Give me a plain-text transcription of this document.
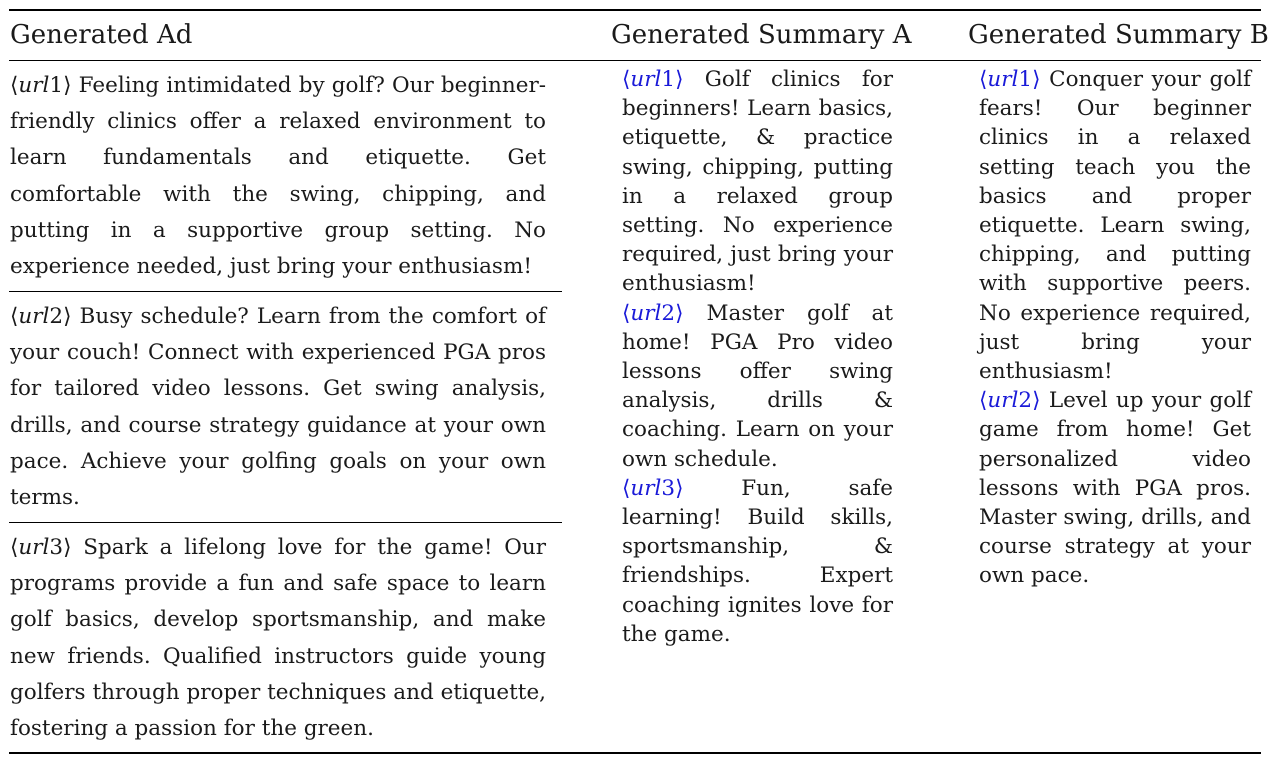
Generated Ad	Generated Summary A Generated Summary B
⟨url1⟩ Feeling intimidated by golf? Our beginner-friendly clinics offer a relaxed environment to learn fundamentals and etiquette. Get comfortable with the swing, chipping, and putting in a supportive group setting. No experience needed, just bring your enthusiasm!
⟨url2⟩ Busy schedule? Learn from the comfort of your couch! Connect with experienced PGA pros for tailored video lessons. Get swing analysis, drills, and course strategy guidance at your own pace. Achieve your golfing goals on your own terms.
⟨url3⟩ Spark a lifelong love for the game! Our programs provide a fun and safe space to learn golf basics, develop sportsmanship, and make new friends. Qualified instructors guide young golfers through proper techniques and etiquette, fostering a passion for the green.

⟨url1⟩ Golf clinics for beginners! Learn basics, etiquette, & practice swing, chipping, putting in a relaxed group setting. No experience required, just bring your enthusiasm!

⟨url2⟩ Master golf at home! PGA Pro video lessons offer swing analysis, drills & coaching. Learn on your own schedule.

⟨url3⟩ Fun, safe learning! Build skills, sportsmanship, & friendships. Expert coaching ignites love for the game.

⟨url1⟩ Conquer your golf fears! Our beginner clinics in a relaxed setting teach you the basics and proper etiquette. Learn swing, chipping, and putting with supportive peers. No experience required, just bring your enthusiasm!

⟨url2⟩ Level up your golf game from home! Get personalized video lessons with PGA pros. Master swing, drills, and course strategy at your own pace.
